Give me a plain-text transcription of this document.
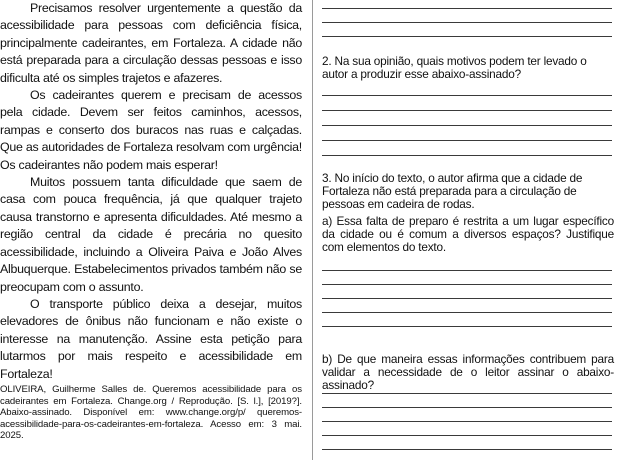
Precisamos resolver urgentemente a questão da acessibilidade para pessoas com deficiência física, principalmente cadeirantes, em Fortaleza. A cidade não está preparada para a circulação dessas pessoas e isso dificulta até os simples trajetos e afazeres.

Os cadeirantes querem e precisam de acessos pela cidade. Devem ser feitos caminhos, acessos, rampas e conserto dos buracos nas ruas e calçadas. Que as autoridades de Fortaleza resolvam com urgência! Os cadeirantes não podem mais esperar!

Muitos possuem tanta dificuldade que saem de casa com pouca frequência, já que qualquer trajeto causa transtorno e apresenta dificuldades. Até mesmo a região central da cidade é precária no quesito acessibilidade, incluindo a Oliveira Paiva e João Alves Albuquerque. Estabelecimentos privados também não se preocupam com o assunto.

O transporte público deixa a desejar, muitos elevadores de ônibus não funcionam e não existe o interesse na manutenção. Assine esta petição para lutarmos por mais respeito e acessibilidade em Fortaleza!

OLIVEIRA, Guilherme Salles de. Queremos acessibilidade para os cadeirantes em Fortaleza. Change.org / Reprodução. [S. l.], [2019?]. Abaixo-assinado. Disponível em: www.change.org/p/ queremos-acessibilidade-para-os-cadeirantes-em-fortaleza. Acesso em: 3 mai. 2025.

2. Na sua opinião, quais motivos podem ter levado o autor a produzir esse abaixo-assinado?

3. No início do texto, o autor afirma que a cidade de Fortaleza não está preparada para a circulação de pessoas em cadeira de rodas.

a) Essa falta de preparo é restrita a um lugar específico da cidade ou é comum a diversos espaços? Justifique com elementos do texto.

b) De que maneira essas informações contribuem para validar a necessidade de o leitor assinar o abaixo-assinado?
